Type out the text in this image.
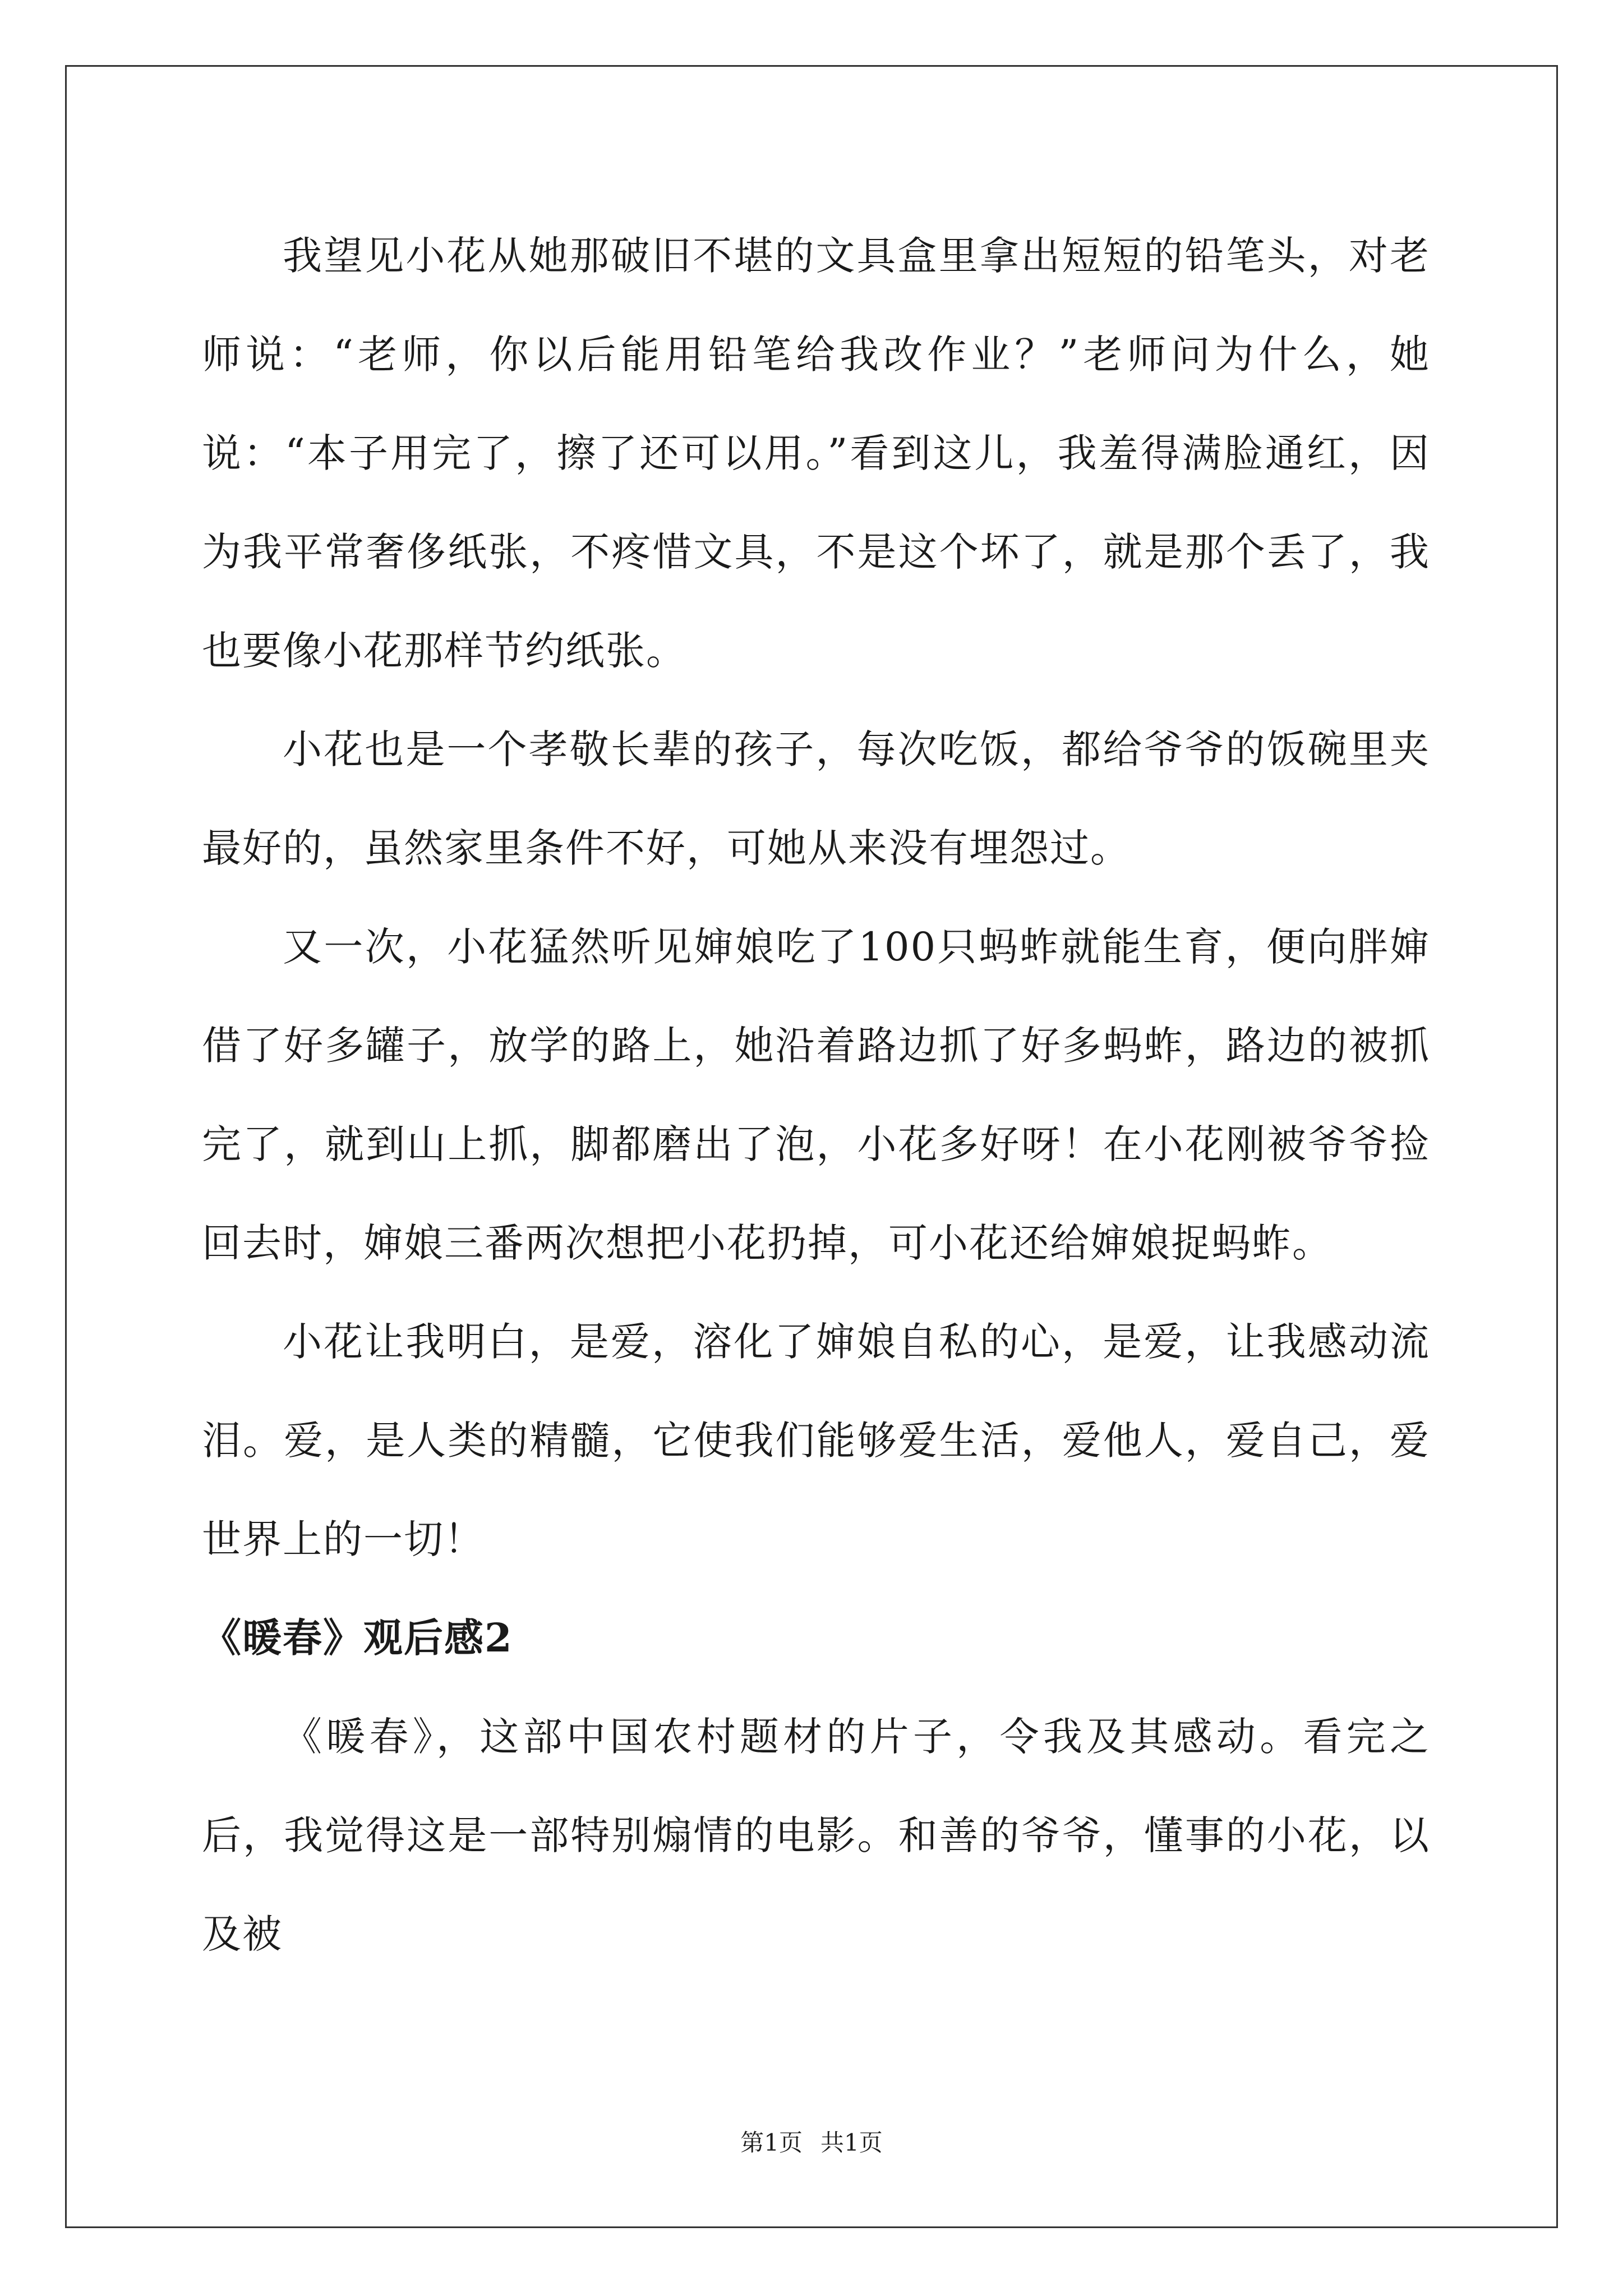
我望见小花从她那破旧不堪的文具盒里拿出短短的铅笔头，对老师说：“老师，你以后能用铅笔给我改作业？”老师问为什么，她说：“本子用完了，擦了还可以用。”看到这儿，我羞得满脸通红，因为我平常奢侈纸张，不疼惜文具，不是这个坏了，就是那个丢了，我也要像小花那样节约纸张。

小花也是一个孝敬长辈的孩子，每次吃饭，都给爷爷的饭碗里夹最好的，虽然家里条件不好，可她从来没有埋怨过。

又一次，小花猛然听见婶娘吃了100只蚂蚱就能生育，便向胖婶借了好多罐子，放学的路上，她沿着路边抓了好多蚂蚱，路边的被抓完了，就到山上抓，脚都磨出了泡，小花多好呀！在小花刚被爷爷捡回去时，婶娘三番两次想把小花扔掉，可小花还给婶娘捉蚂蚱。

小花让我明白，是爱，溶化了婶娘自私的心，是爱，让我感动流泪。爱，是人类的精髓，它使我们能够爱生活，爱他人，爱自己，爱世界上的一切！

《暖春》观后感2

《暖春》，这部中国农村题材的片子，令我及其感动。看完之后，我觉得这是一部特别煽情的电影。和善的爷爷，懂事的小花，以及被

第1页 共1页
